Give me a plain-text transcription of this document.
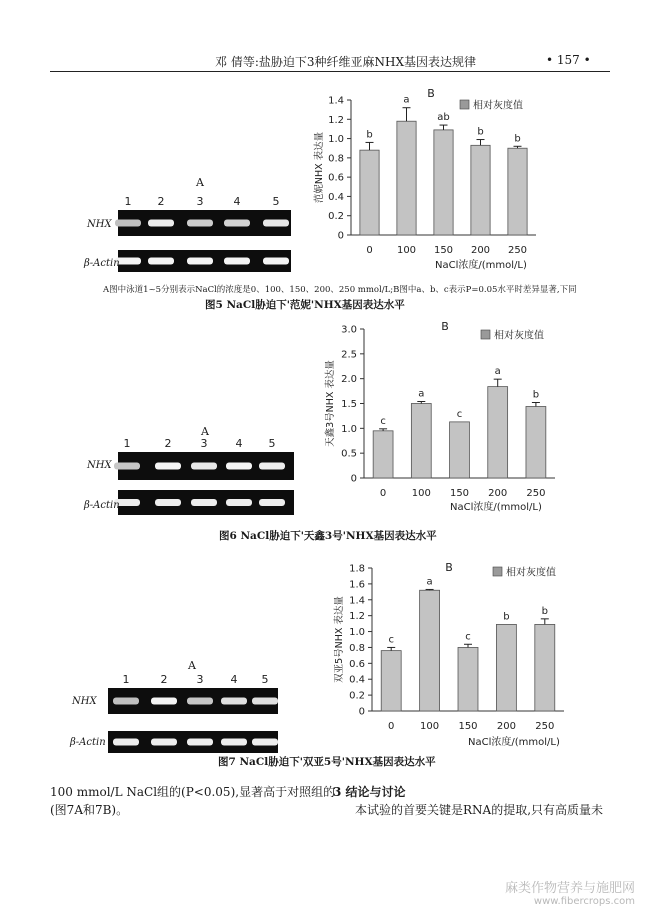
邓 倩等:盐胁迫下3种纤维亚麻NHX基因表达规律	• 157 •
0
0.2
0.4
0.6
0.8
1.0
1.2
1.4
b
0
a
100
ab
150
b
200
b
250
B
相对灰度值
范妮NHX 表达量
NaCl浓度/(mmol/L)
0
0.5
1.0
1.5
2.0
2.5
3.0
c
0
a
100
c
150
a
200
b
250
B
相对灰度值
天鑫3号NHX 表达量
NaCl浓度/(mmol/L)
0
0.2
0.4
0.6
0.8
1.0
1.2
1.4
1.6
1.8
c
0
a
100
c
150
b
200
b
250
B	相对灰度值
双亚5号NHX 表达量
NaCl浓度/(mmol/L)
1 2	3	4	5
1	2	3	4 5
1	2	3 4 5
A
NHX
β-Actin
A图中泳道1~5分别表示NaCl的浓度是0、100、150、200、250 mmol/L;B图中a、b、c表示P=0.05水平时差异显著,下同
图5 NaCl胁迫下'范妮'NHX基因表达水平
A
NHX
β-Actin
图6 NaCl胁迫下'天鑫3号'NHX基因表达水平
A
NHX
β-Actin
图7 NaCl胁迫下'双亚5号'NHX基因表达水平
100 mmol/L NaCl组的(P<0.05),显著高于对照组的
(图7A和7B)。
3 结论与讨论
本试验的首要关键是RNA的提取,只有高质量未
麻类作物营养与施肥网
www.fibercrops.com
